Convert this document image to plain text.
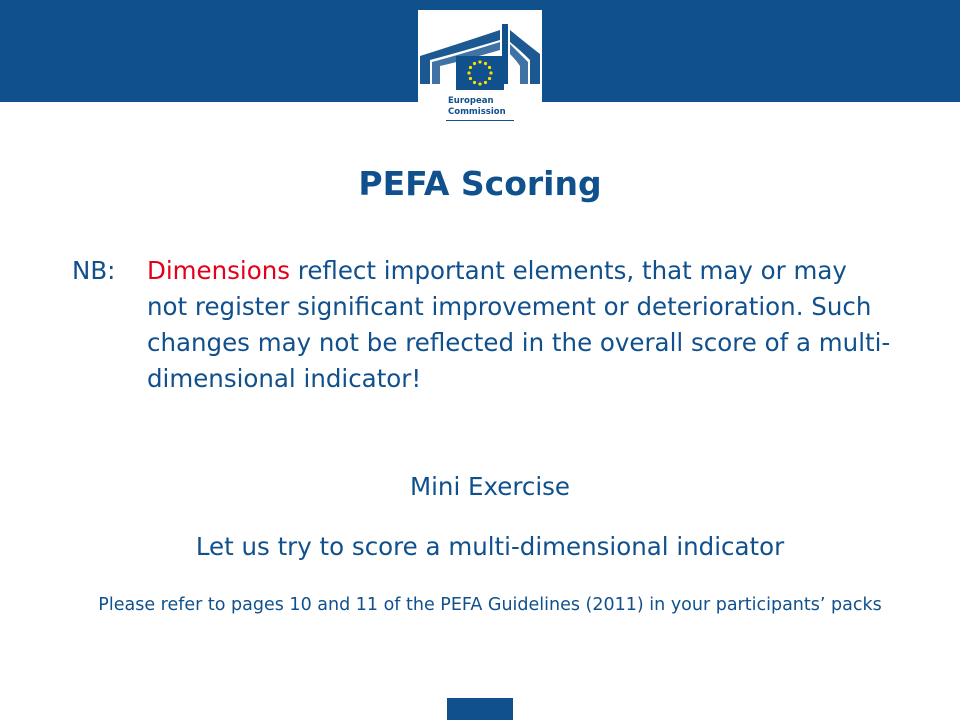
European
Commission
PEFA Scoring
NB: Dimensions reflect important elements, that may or may not register significant improvement or deterioration. Such changes may not be reflected in the overall score of a multi-dimensional indicator!
Mini Exercise
Let us try to score a multi-dimensional indicator
Please refer to pages 10 and 11 of the PEFA Guidelines (2011) in your participants’ packs
